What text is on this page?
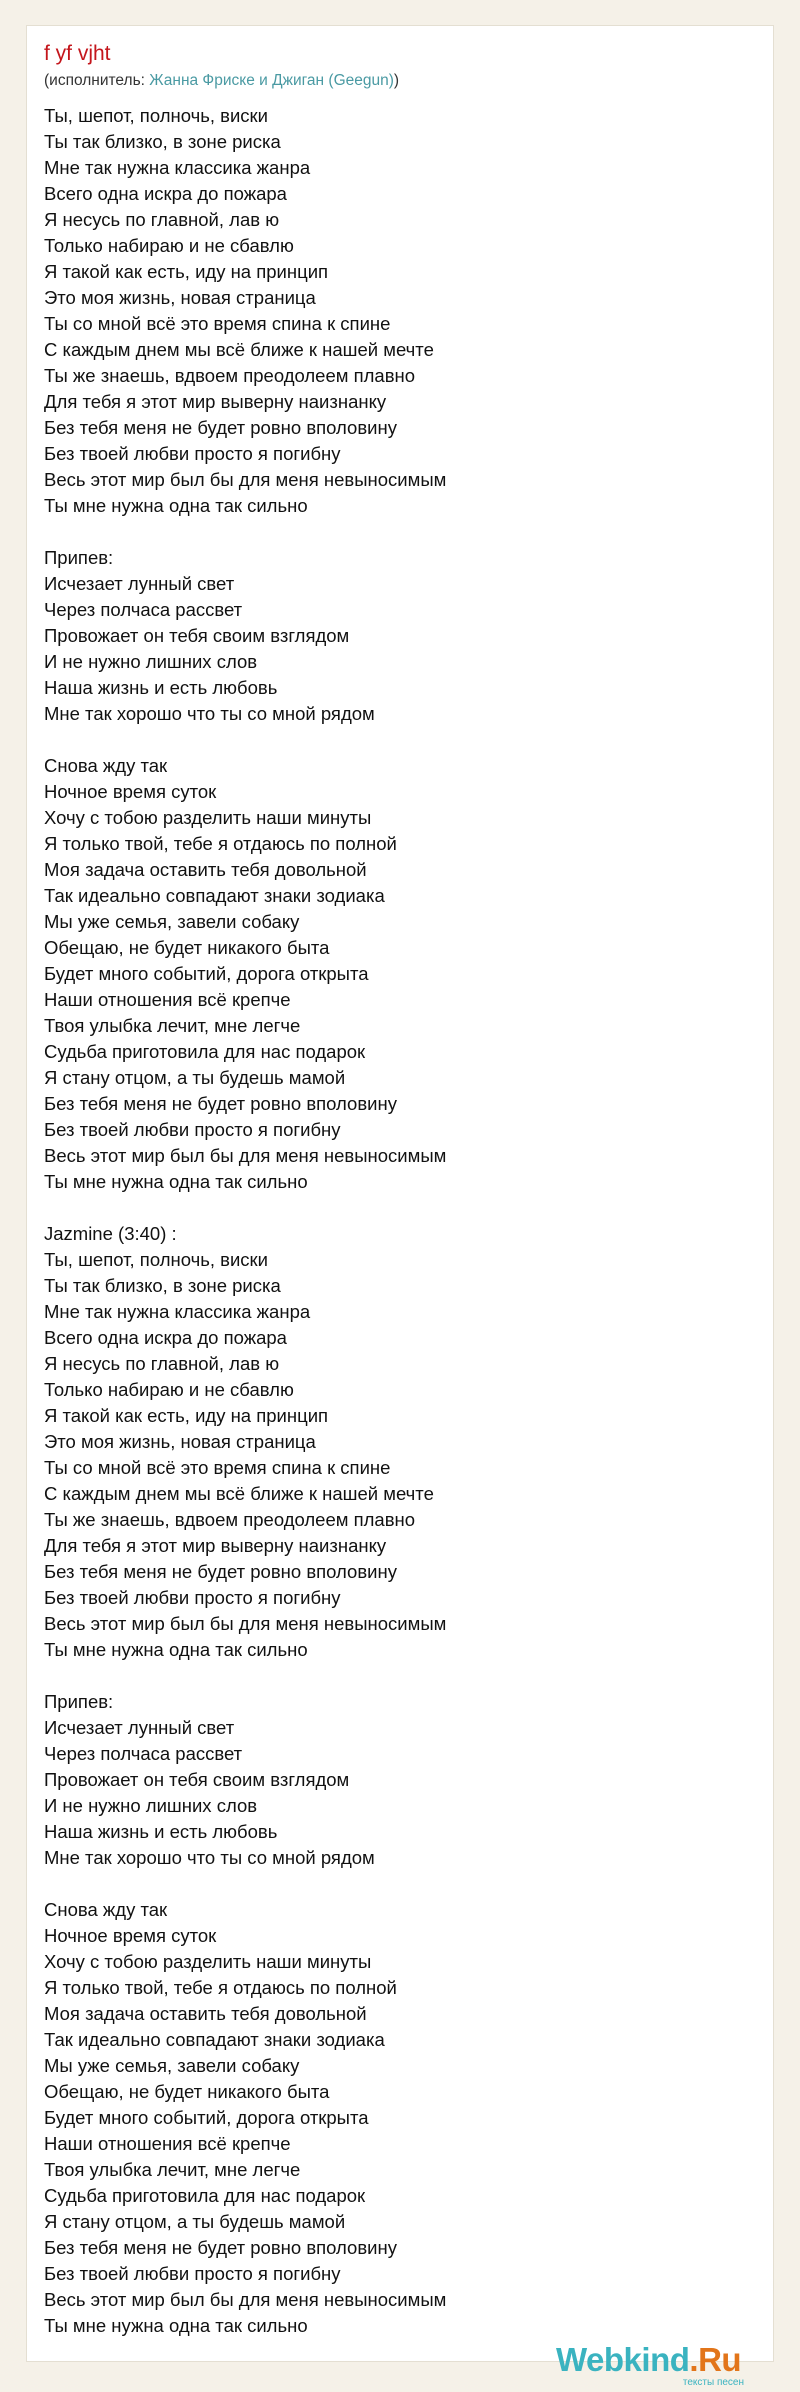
f yf vjht
(исполнитель: Жанна Фриске и Джиган (Geegun))
Ты, шепот, полночь, виски
Ты так близко, в зоне риска
Мне так нужна классика жанра
Всего одна искра до пожара
Я несусь по главной, лав ю
Только набираю и не сбавлю
Я такой как есть, иду на принцип
Это моя жизнь, новая страница
Ты со мной всё это время спина к спине
С каждым днем мы всё ближе к нашей мечте
Ты же знаешь, вдвоем преодолеем плавно
Для тебя я этот мир выверну наизнанку
Без тебя меня не будет ровно вполовину
Без твоей любви просто я погибну
Весь этот мир был бы для меня невыносимым
Ты мне нужна одна так сильно
Припев:
Исчезает лунный свет
Через полчаса рассвет
Провожает он тебя своим взглядом
И не нужно лишних слов
Наша жизнь и есть любовь
Мне так хорошо что ты со мной рядом
Снова жду так
Ночное время суток
Хочу с тобою разделить наши минуты
Я только твой, тебе я отдаюсь по полной
Моя задача оставить тебя довольной
Так идеально совпадают знаки зодиака
Мы уже семья, завели собаку
Обещаю, не будет никакого быта
Будет много событий, дорога открыта
Наши отношения всё крепче
Твоя улыбка лечит, мне легче
Судьба приготовила для нас подарок
Я стану отцом, а ты будешь мамой
Без тебя меня не будет ровно вполовину
Без твоей любви просто я погибну
Весь этот мир был бы для меня невыносимым
Ты мне нужна одна так сильно
Jazmine (3:40) :
Ты, шепот, полночь, виски
Ты так близко, в зоне риска
Мне так нужна классика жанра
Всего одна искра до пожара
Я несусь по главной, лав ю
Только набираю и не сбавлю
Я такой как есть, иду на принцип
Это моя жизнь, новая страница
Ты со мной всё это время спина к спине
С каждым днем мы всё ближе к нашей мечте
Ты же знаешь, вдвоем преодолеем плавно
Для тебя я этот мир выверну наизнанку
Без тебя меня не будет ровно вполовину
Без твоей любви просто я погибну
Весь этот мир был бы для меня невыносимым
Ты мне нужна одна так сильно
Припев:
Исчезает лунный свет
Через полчаса рассвет
Провожает он тебя своим взглядом
И не нужно лишних слов
Наша жизнь и есть любовь
Мне так хорошо что ты со мной рядом
Снова жду так
Ночное время суток
Хочу с тобою разделить наши минуты
Я только твой, тебе я отдаюсь по полной
Моя задача оставить тебя довольной
Так идеально совпадают знаки зодиака
Мы уже семья, завели собаку
Обещаю, не будет никакого быта
Будет много событий, дорога открыта
Наши отношения всё крепче
Твоя улыбка лечит, мне легче
Судьба приготовила для нас подарок
Я стану отцом, а ты будешь мамой
Без тебя меня не будет ровно вполовину
Без твоей любви просто я погибну
Весь этот мир был бы для меня невыносимым
Ты мне нужна одна так сильно
Webkind.Ru
тексты песен
